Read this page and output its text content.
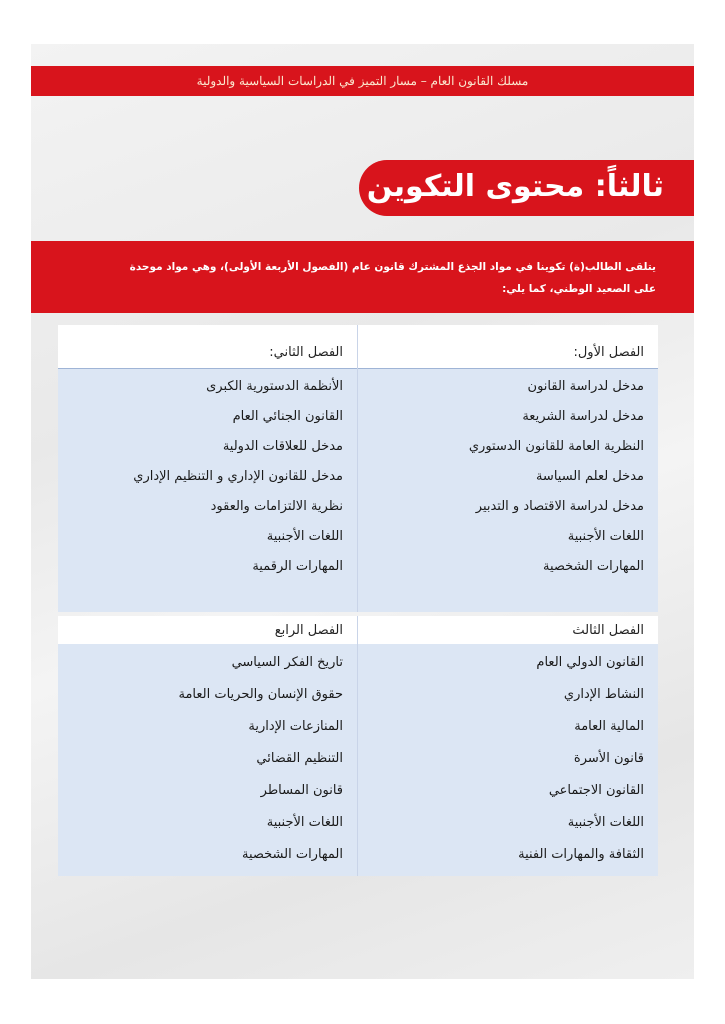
مسلك القانون العام – مسار التميز في الدراسات السياسية والدولية
ثالثاً: محتوى التكوين

يتلقى الطالب(ة) تكوينا في مواد الجذع المشترك قانون عام (الفصول الأربعة الأولى)، وهي مواد موحدة

على الصعيد الوطني، كما يلي:

الفصل الأول:
مدخل لدراسة القانون
مدخل لدراسة الشريعة
النظرية العامة للقانون الدستوري
مدخل لعلم السياسة
مدخل لدراسة الاقتصاد و التدبير
اللغات الأجنبية
المهارات الشخصية
الفصل الثاني:
الأنظمة الدستورية الكبرى
القانون الجنائي العام
مدخل للعلاقات الدولية
مدخل للقانون الإداري و التنظيم الإداري
نظرية الالتزامات والعقود
اللغات الأجنبية
المهارات الرقمية
الفصل الثالث
القانون الدولي العام
النشاط الإداري
المالية العامة
قانون الأسرة
القانون الاجتماعي
اللغات الأجنبية
الثقافة والمهارات الفنية
الفصل الرابع
تاريخ الفكر السياسي
حقوق الإنسان والحريات العامة
المنازعات الإدارية
التنظيم القضائي
قانون المساطر
اللغات الأجنبية
المهارات الشخصية
